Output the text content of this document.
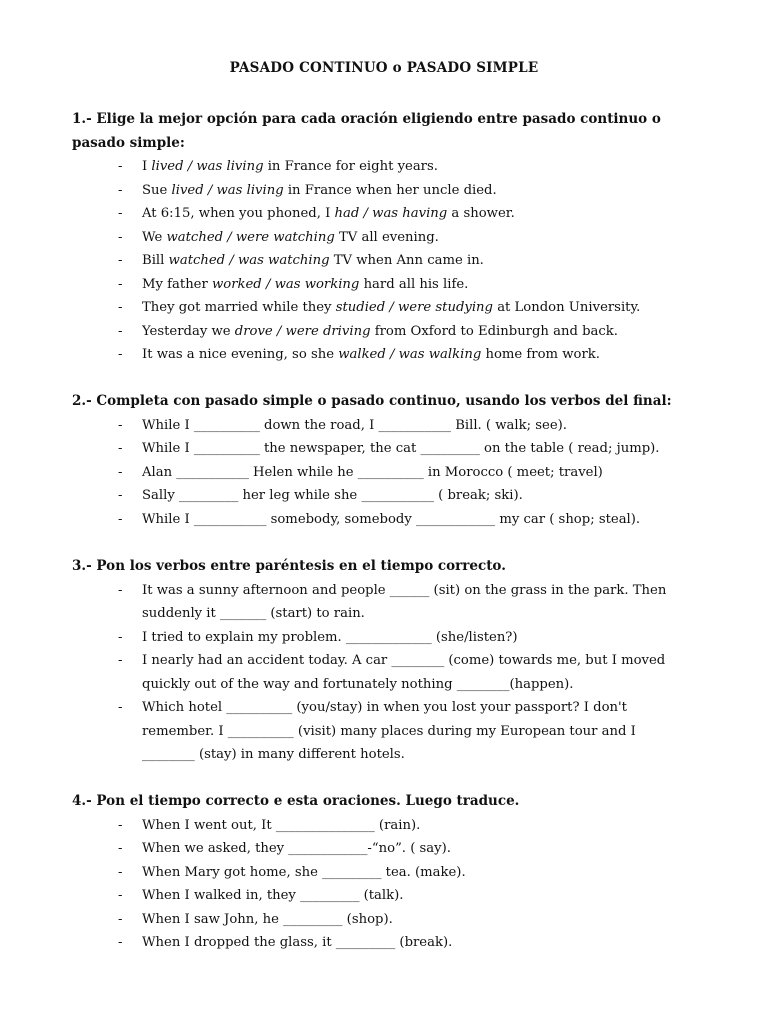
PASADO CONTINUO o PASADO SIMPLE

1.- Elige la mejor opción para cada oración eligiendo entre pasado continuo o
pasado simple:

- I lived / was living in France for eight years.
- Sue lived / was living in France when her uncle died.
- At 6:15, when you phoned, I had / was having a shower.
- We watched / were watching TV all evening.
- Bill watched / was watching TV when Ann came in.
- My father worked / was working hard all his life.
- They got married while they studied / were studying at London University.
- Yesterday we drove / were driving from Oxford to Edinburgh and back.
- It was a nice evening, so she walked / was walking home from work.

2.- Completa con pasado simple o pasado continuo, usando los verbos del final:

- While I __________ down the road, I ___________ Bill. ( walk; see).
- While I __________ the newspaper, the cat _________ on the table ( read; jump).
- Alan ___________ Helen while he __________ in Morocco ( meet; travel)
- Sally _________ her leg while she ___________ ( break; ski).
- While I ___________ somebody, somebody ____________ my car ( shop; steal).

3.- Pon los verbos entre paréntesis en el tiempo correcto.

- It was a sunny afternoon and people ______ (sit) on the grass in the park. Then
suddenly it _______ (start) to rain.
- I tried to explain my problem. _____________ (she/listen?)
- I nearly had an accident today. A car ________ (come) towards me, but I moved
quickly out of the way and fortunately nothing ________(happen).
- Which hotel __________ (you/stay) in when you lost your passport? I don't
remember. I __________ (visit) many places during my European tour and I
________ (stay) in many different hotels.

4.- Pon el tiempo correcto e esta oraciones. Luego traduce.

- When I went out, It _______________ (rain).
- When we asked, they ____________-“no”. ( say).
- When Mary got home, she _________ tea. (make).
- When I walked in, they _________ (talk).
- When I saw John, he _________ (shop).
- When I dropped the glass, it _________ (break).
